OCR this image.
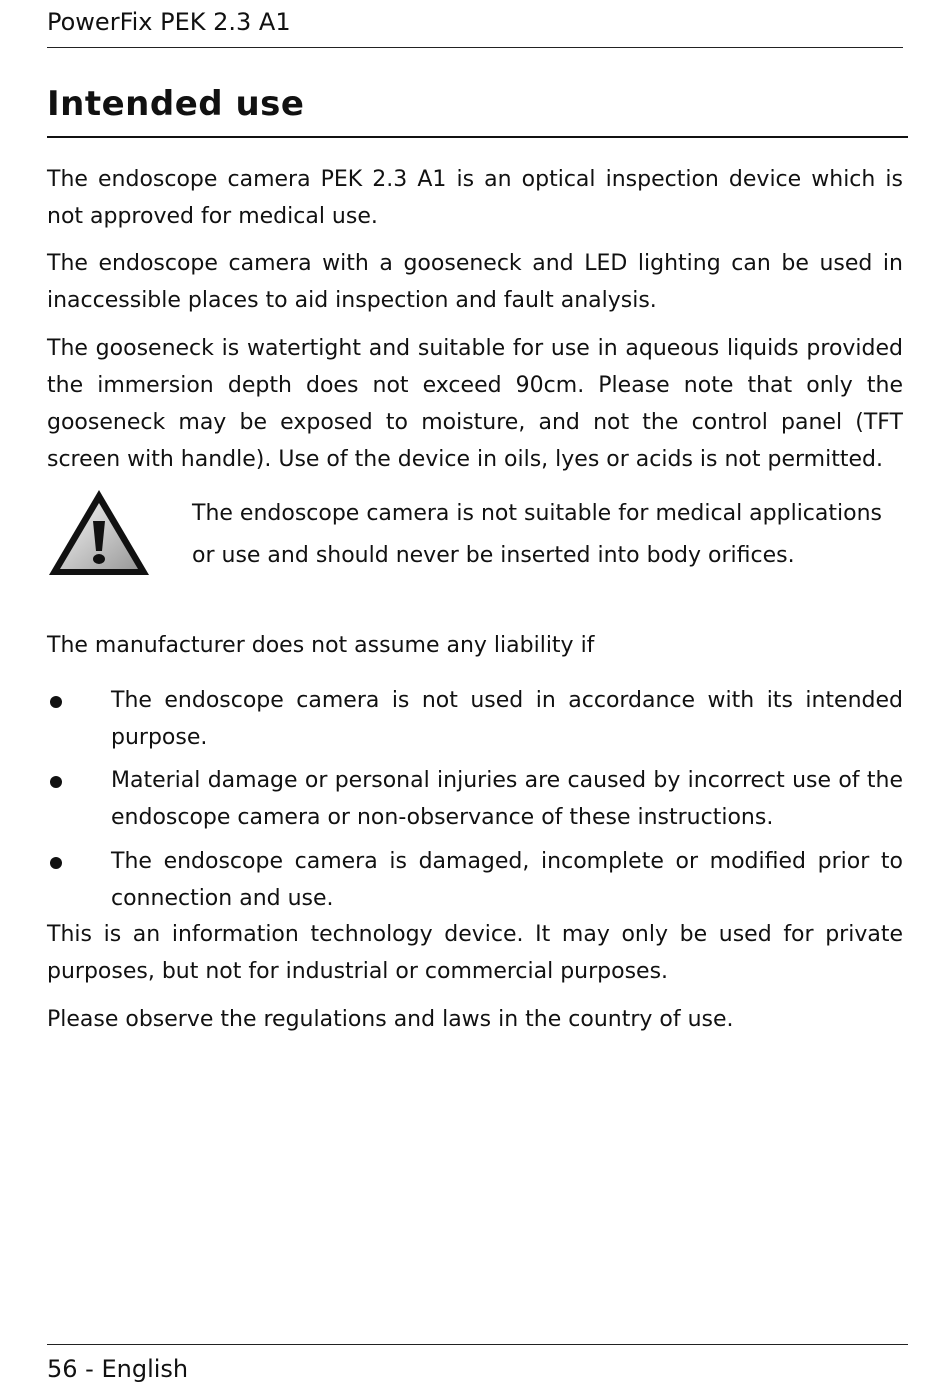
PowerFix PEK 2.3 A1
Intended use

The endoscope camera PEK 2.3 A1 is an optical inspection device which is not approved for medical use.

The endoscope camera with a gooseneck and LED lighting can be used in inaccessible places to aid inspection and fault analysis.

The gooseneck is watertight and suitable for use in aqueous liquids provided the immersion depth does not exceed 90cm. Please note that only the gooseneck may be exposed to moisture, and not the control panel (TFT screen with handle). Use of the device in oils, lyes or acids is not permitted.

The endoscope camera is not suitable for medical applications or use and should never be inserted into body orifices.

The manufacturer does not assume any liability if

The endoscope camera is not used in accordance with its intended purpose.

Material damage or personal injuries are caused by incorrect use of the endoscope camera or non-observance of these instructions.

The endoscope camera is damaged, incomplete or modified prior to connection and use.

This is an information technology device. It may only be used for private purposes, but not for industrial or commercial purposes.

Please observe the regulations and laws in the country of use.

56 - English
